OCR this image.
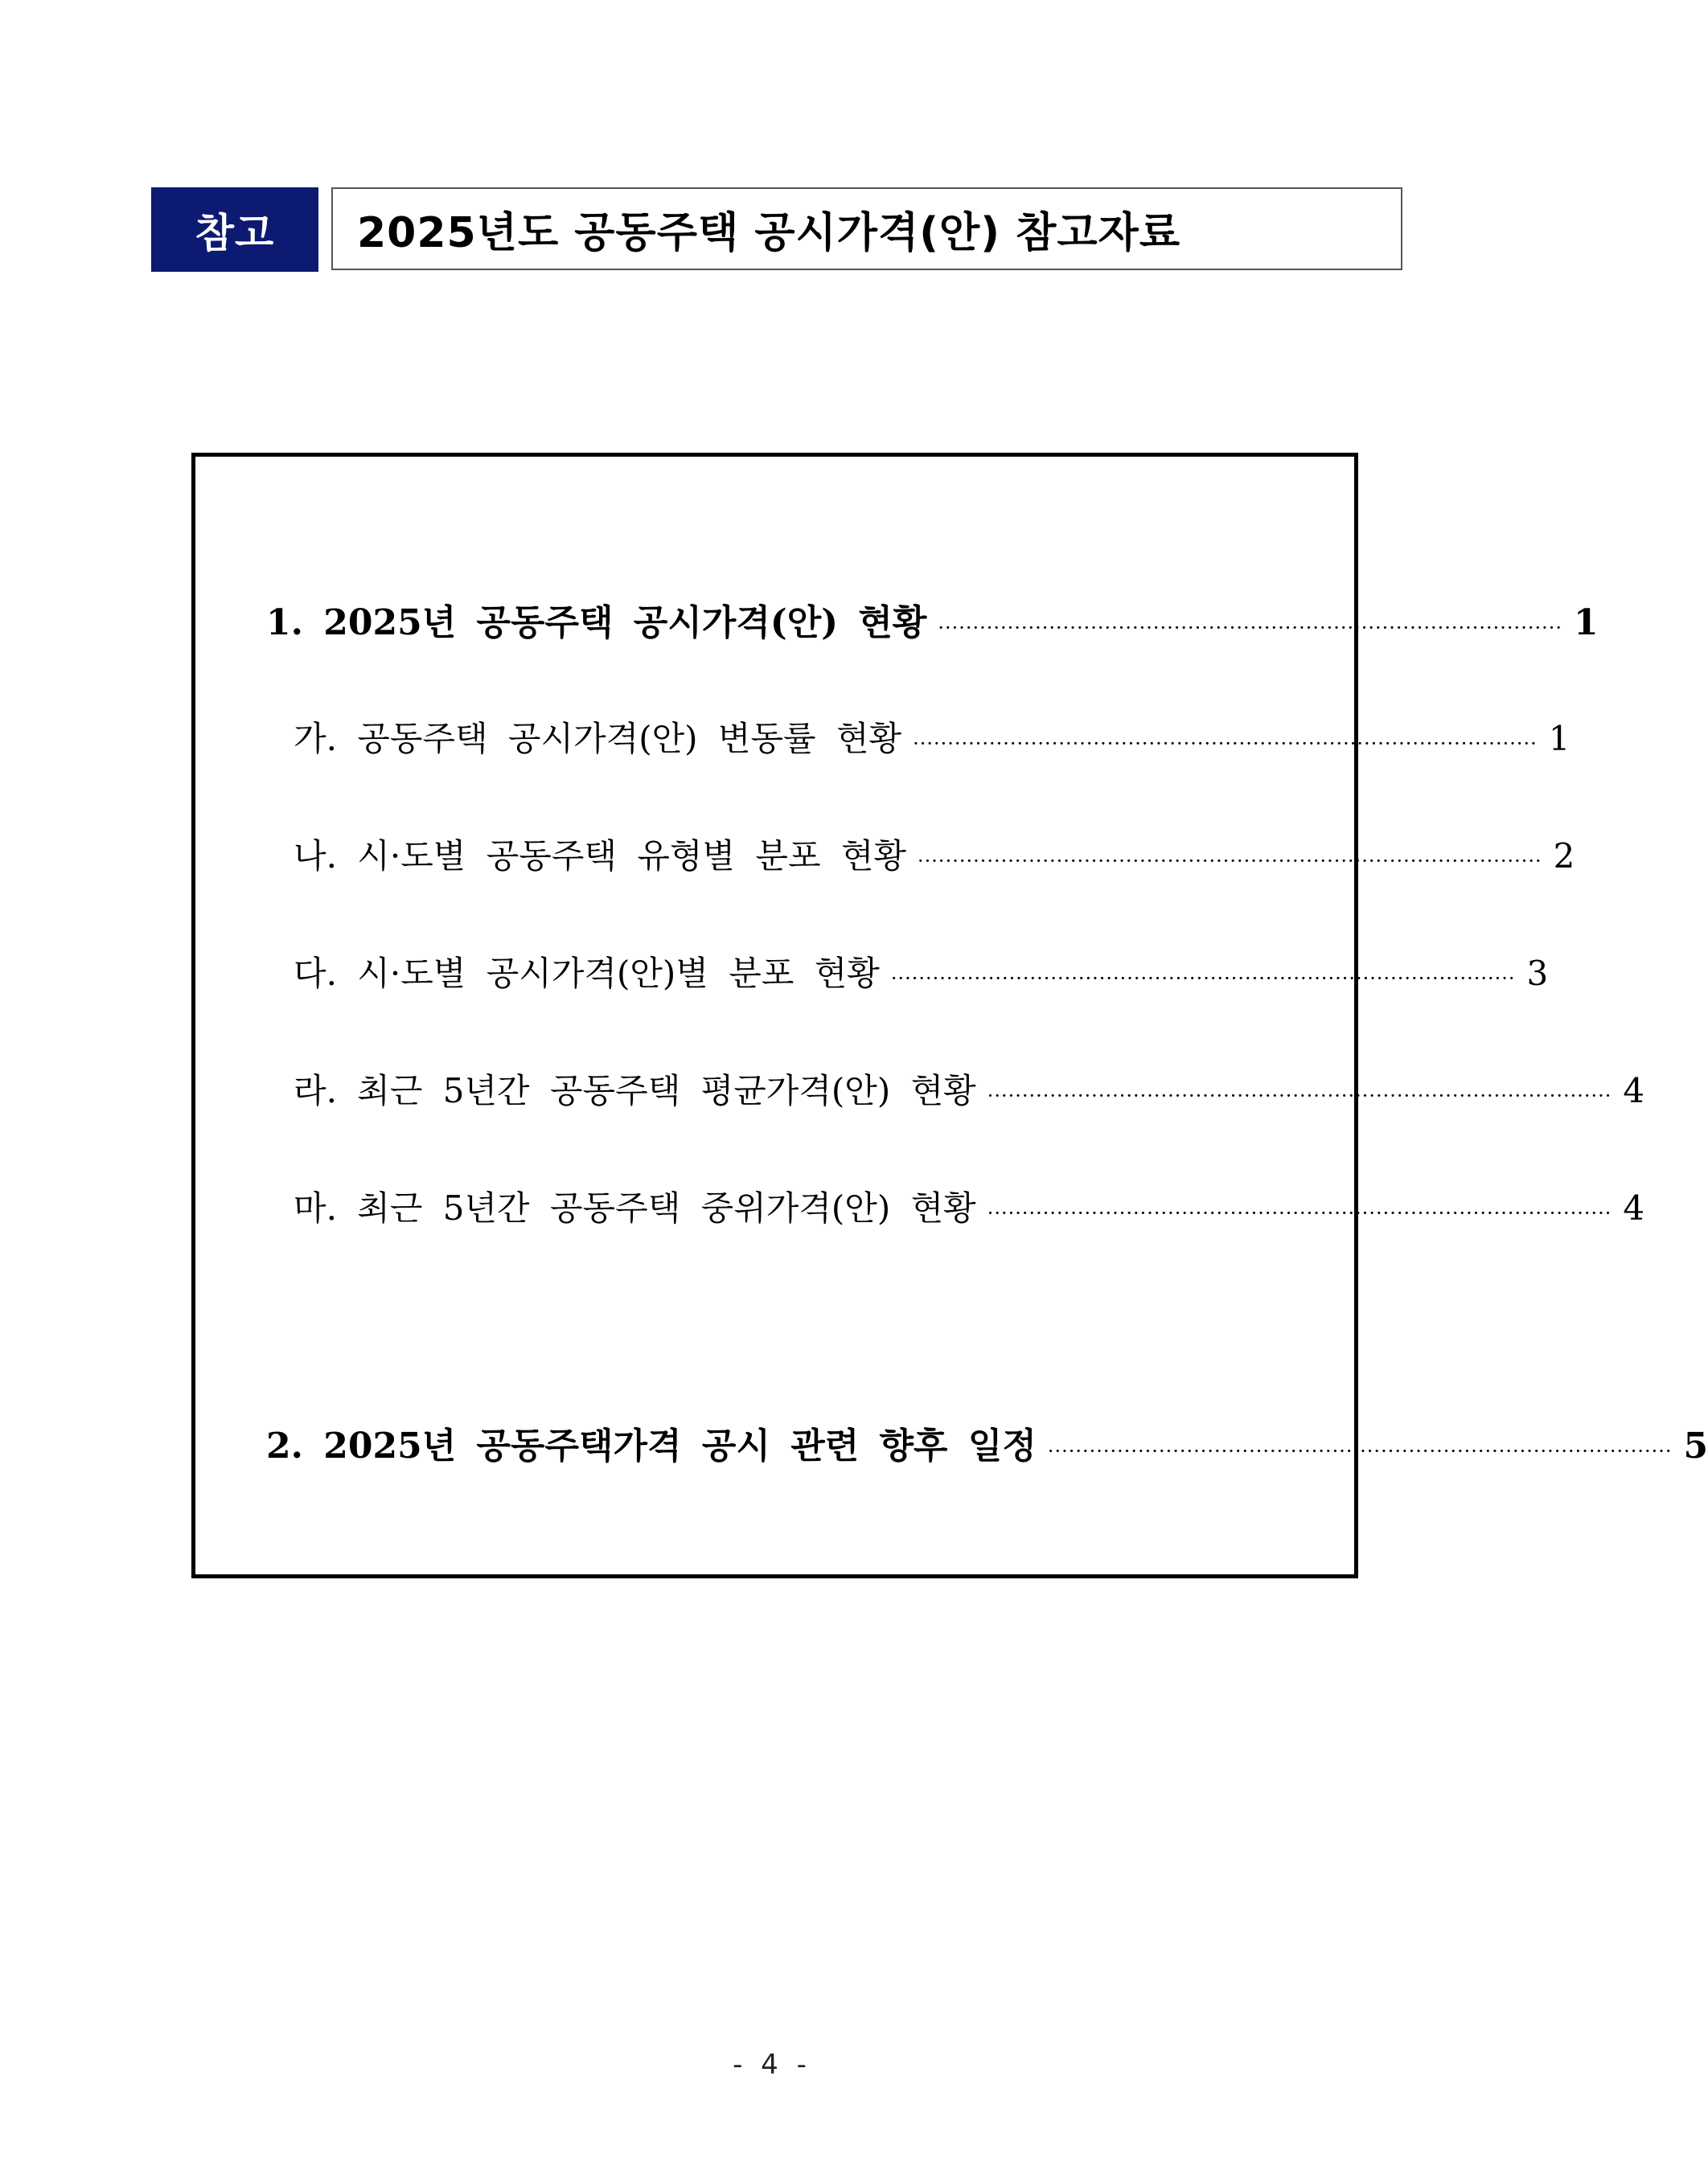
참고 2025년도 공동주택 공시가격(안) 참고자료
1. 2025년 공동주택 공시가격(안) 현황 ·························································································· 1
가. 공동주택 공시가격(안) 변동률 현황 ·························································································· 1
나. 시·도별 공동주택 유형별 분포 현황 ·························································································· 2
다. 시·도별 공시가격(안)별 분포 현황 ·························································································· 3
라. 최근 5년간 공동주택 평균가격(안) 현황 ·························································································· 4
마. 최근 5년간 공동주택 중위가격(안) 현황 ·························································································· 4
2. 2025년 공동주택가격 공시 관련 향후 일정 ·························································································· 5
- 4 -
